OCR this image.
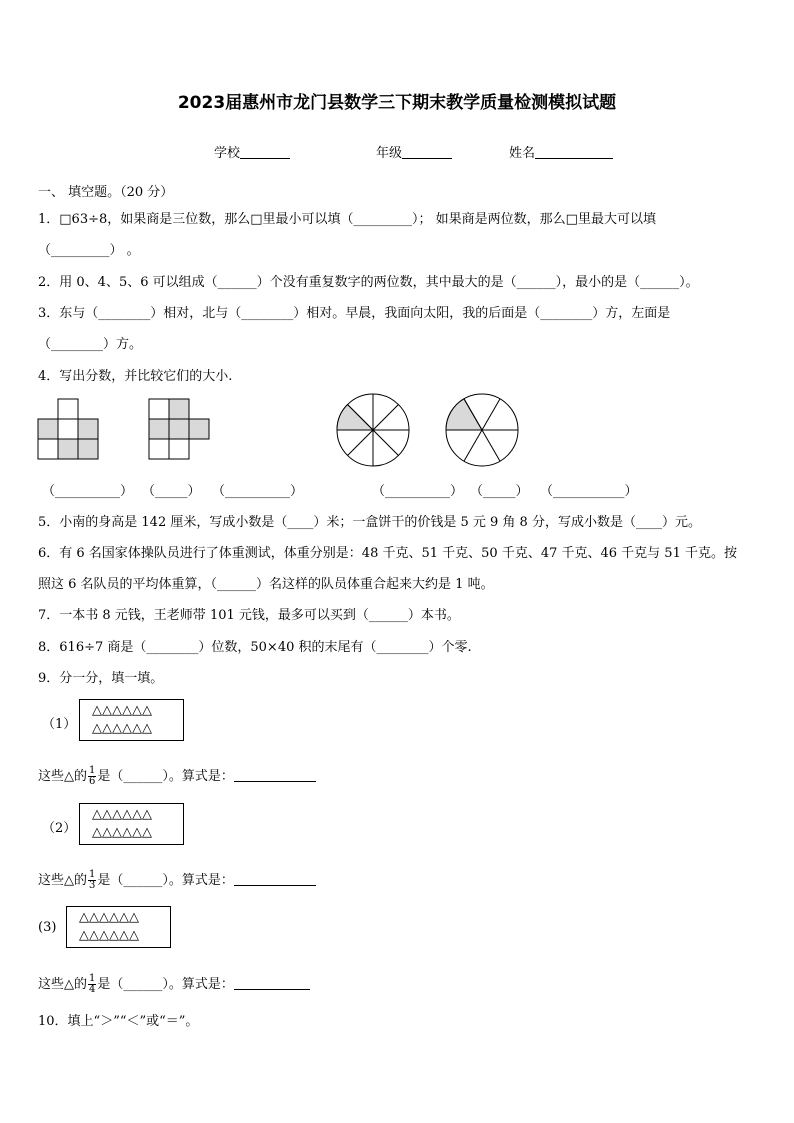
2023届惠州市龙门县数学三下期末教学质量检测模拟试题
学校	年级	姓名
一、 填空题。（20 分）
1．□63÷8，如果商是三位数，那么□里最小可以填（_________）； 如果商是两位数，那么□里最大可以填
（_________） 。
2．用 0、4、5、6 可以组成（______）个没有重复数字的两位数，其中最大的是（______），最小的是（______）。
3．东与（________）相对，北与（________）相对。早晨，我面向太阳，我的后面是（________）方，左面是
（________）方。
4．写出分数，并比较它们的大小.
（__________） （_____） （__________）	（__________） （_____） （___________）
5．小南的身高是 142 厘米，写成小数是（____）米；一盒饼干的价钱是 5 元 9 角 8 分，写成小数是（____）元。
6．有 6 名国家体操队员进行了体重测试，体重分别是：48 千克、51 千克、50 千克、47 千克、46 千克与 51 千克。按
照这 6 名队员的平均体重算，（______）名这样的队员体重合起来大约是 1 吨。
7．一本书 8 元钱，王老师带 101 元钱，最多可以买到（______）本书。
8．616÷7 商是（________）位数，50×40 积的末尾有（________）个零.
9．分一分，填一填。
（1）
△△△△△△
△△△△△△
这些△的 $\frac{1}{6}$ 是（______）。算式是：
（2）
△△△△△△
△△△△△△
这些△的 $\frac{1}{3}$ 是（______）。算式是：
(3)
△△△△△△
△△△△△△
这些△的 $\frac{1}{4}$ 是（______）。算式是：
10．填上“＞”“＜”或“＝”。
